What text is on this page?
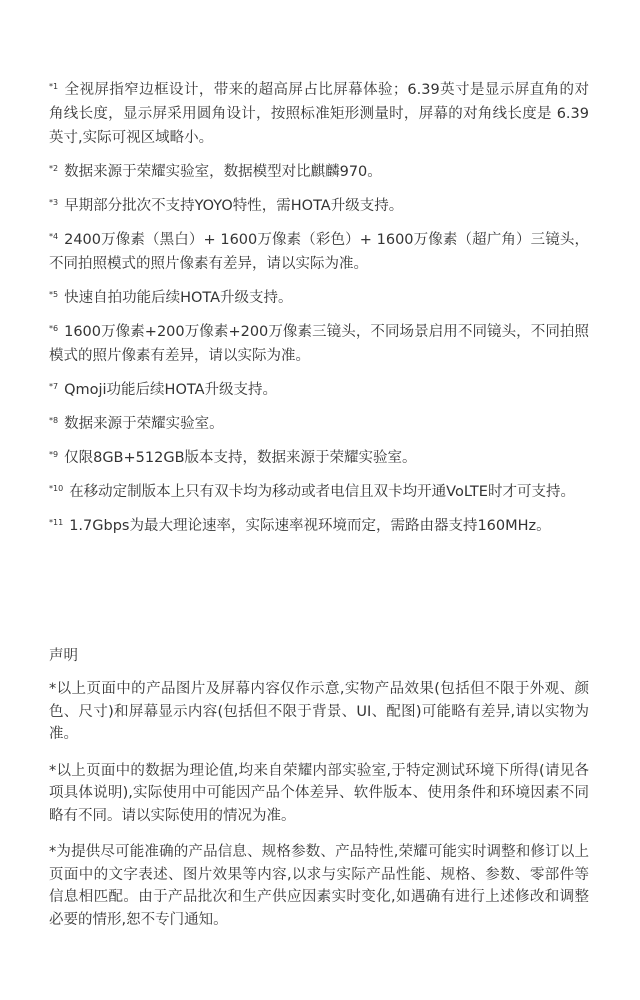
$^{*1}$ 全视屏指窄边框设计，带来的超高屏占比屏幕体验；6.39英寸是显示屏直角的对角线长度，显示屏采用圆角设计，按照标准矩形测量时，屏幕的对角线长度是 6.39 英寸,实际可视区域略小。

$^{*2}$ 数据来源于荣耀实验室，数据模型对比麒麟970。

$^{*3}$ 早期部分批次不支持YOYO特性，需HOTA升级支持。

$^{*4}$ 2400万像素（黑白）+ 1600万像素（彩色）+ 1600万像素（超广角）三镜头，不同拍照模式的照片像素有差异，请以实际为准。

$^{*5}$ 快速自拍功能后续HOTA升级支持。

$^{*6}$ 1600万像素+200万像素+200万像素三镜头，不同场景启用不同镜头，不同拍照模式的照片像素有差异，请以实际为准。

$^{*7}$ Qmoji功能后续HOTA升级支持。

$^{*8}$ 数据来源于荣耀实验室。

$^{*9}$ 仅限8GB+512GB版本支持，数据来源于荣耀实验室。

$^{*10}$ 在移动定制版本上只有双卡均为移动或者电信且双卡均开通VoLTE时才可支持。

$^{*11}$ 1.7Gbps为最大理论速率，实际速率视环境而定，需路由器支持160MHz。

声明

*以上页面中的产品图片及屏幕内容仅作示意,实物产品效果(包括但不限于外观、颜色、尺寸)和屏幕显示内容(包括但不限于背景、UI、配图)可能略有差异,请以实物为准。

*以上页面中的数据为理论值,均来自荣耀内部实验室,于特定测试环境下所得(请见各项具体说明),实际使用中可能因产品个体差异、软件版本、使用条件和环境因素不同略有不同。请以实际使用的情况为准。

*为提供尽可能准确的产品信息、规格参数、产品特性,荣耀可能实时调整和修订以上页面中的文字表述、图片效果等内容,以求与实际产品性能、规格、参数、零部件等信息相匹配。由于产品批次和生产供应因素实时变化,如遇确有进行上述修改和调整必要的情形,恕不专门通知。
